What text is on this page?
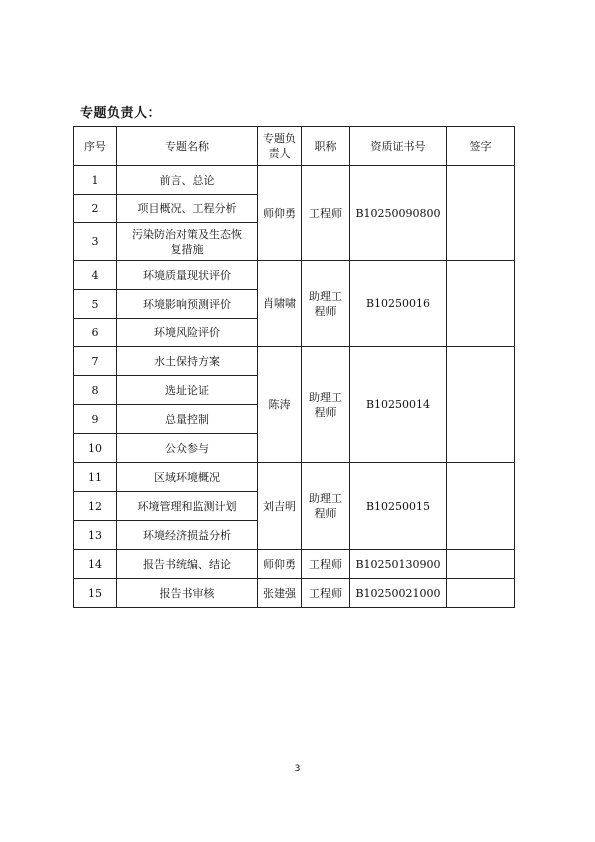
专题负责人：
序号	专题名称	专题负责人	职称	资质证书号	签字
1	前言、总论	师仰勇	工程师	B10250090800	
2	项目概况、工程分析				
3	污染防治对策及生态恢复措施				
4	环境质量现状评价	肖啸啸	助理工程师	B10250016	
5	环境影响预测评价				
6	环境风险评价				
7	水土保持方案	陈涛	助理工程师	B10250014	
8	选址论证				
9	总量控制				
10	公众参与				
11	区域环境概况	刘吉明	助理工程师	B10250015	
12	环境管理和监测计划				
13	环境经济损益分析				
14	报告书统编、结论	师仰勇	工程师	B10250130900	
15	报告书审核	张建强	工程师	B10250021000	
3
